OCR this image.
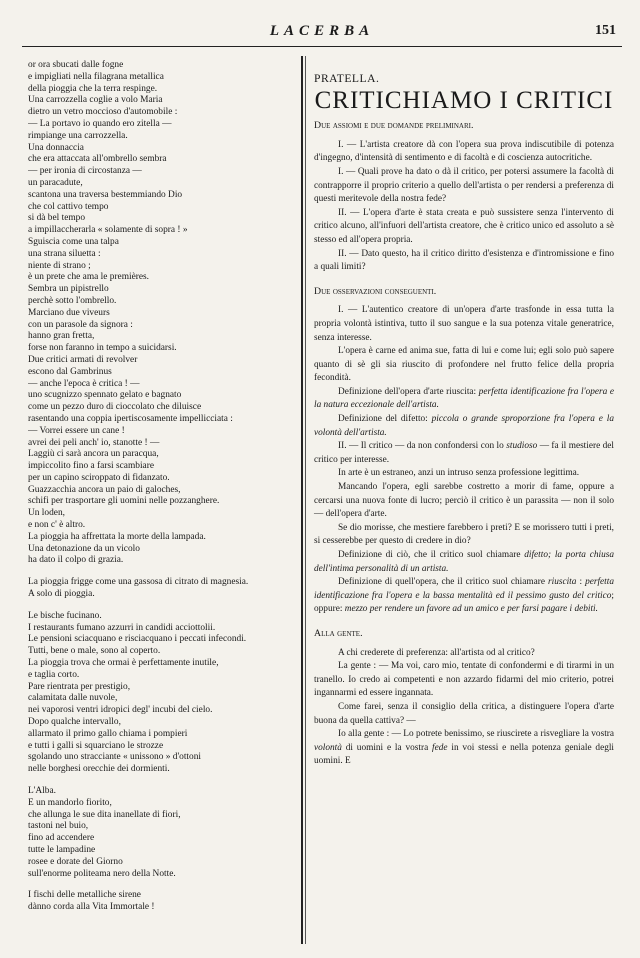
LACERBA	151
or ora sbucati dalle fogne
e impigliati nella filagrana metallica
della pioggia che la terra respinge.
Una carrozzella coglie a volo Maria
dietro un vetro moccioso d'automobile :
— La portavo io quando ero zitella —
rimpiange una carrozzella.
Una donnaccia
che era attaccata all'ombrello sembra
— per ironia di circostanza —
un paracadute,
scantona una traversa bestemmiando Dio
che col cattivo tempo
si dà bel tempo
a impillaccherarla « solamente di sopra ! »
Sguiscia come una talpa
una strana siluetta :
niente di strano ;
è un prete che ama le premières.
Sembra un pipistrello
perchè sotto l'ombrello.
Marciano due viveurs
con un parasole da signora :
hanno gran fretta,
forse non faranno in tempo a suicidarsi.
Due critici armati di revolver
escono dal Gambrinus
— anche l'epoca è critica ! —
uno scugnizzo spennato gelato e bagnato
come un pezzo duro di cioccolato che diluisce
rasentando una coppia ipertiscosamente impellicciata :
— Vorrei essere un cane !
avrei dei peli anch' io, stanotte ! —
Laggiù ci sarà ancora un paracqua,
impiccolito fino a farsi scambiare
per un capino sciroppato di fidanzato.
Guazzacchia ancora un paio di galoches,
schifi per trasportare gli uomini nelle pozzanghere.
Un loden,
e non c' è altro.
La pioggia ha affrettata la morte della lampada.
Una detonazione da un vicolo
ha dato il colpo di grazia.
La pioggia frigge come una gassosa di citrato di magnesia.
A solo di pioggia.
Le bische fucinano.
I restaurants fumano azzurri in candidi acciottolii.
Le pensioni sciacquano e risciacquano i peccati infecondi.
Tutti, bene o male, sono al coperto.
La pioggia trova che ormai è perfettamente inutile,
e taglia corto.
Pare rientrata per prestigio,
calamitata dalle nuvole,
nei vaporosi ventri idropici degl' incubi del cielo.
Dopo qualche intervallo,
allarmato il primo gallo chiama i pompieri
e tutti i galli si squarciano le strozze
sgolando uno stracciante « unissono » d'ottoni
nelle borghesi orecchie dei dormienti.
L'Alba.
È un mandorlo fiorito,
che allunga le sue dita inanellate di fiori,
tastoni nel buio,
fino ad accendere
tutte le lampadine
rosee e dorate del Giorno
sull'enorme politeama nero della Notte.
I fischi delle metalliche sirene
dànno corda alla Vita Immortale !
PRATELLA.
CRITICHIAMO I CRITICI
Due assiomi e due domande preliminari.

I. — L'artista creatore dà con l'opera sua prova indiscutibile di potenza d'ingegno, d'intensità di sentimento e di facoltà e di coscienza autocritiche.

I. — Quali prove ha dato o dà il critico, per potersi assumere la facoltà di contrapporre il proprio criterio a quello dell'artista o per rendersi a preferenza di questi meritevole della nostra fede?

II. — L'opera d'arte è stata creata e può sussistere senza l'intervento di critico alcuno, all'infuori dell'artista creatore, che è critico unico ed assoluto a sè stesso ed all'opera propria.

II. — Dato questo, ha il critico diritto d'esistenza e d'intromissione e fino a quali limiti?

Due osservazioni conseguenti.

I. — L'autentico creatore di un'opera d'arte trasfonde in essa tutta la propria volontà istintiva, tutto il suo sangue e la sua potenza vitale generatrice, senza interesse.

L'opera è carne ed anima sue, fatta di lui e come lui; egli solo può sapere quanto di sè gli sia riuscito di profondere nel frutto felice della propria fecondità.

Definizione dell'opera d'arte riuscita: perfetta identificazione fra l'opera e la natura eccezionale dell'artista.

Definizione del difetto: piccola o grande sproporzione fra l'opera e la volontà dell'artista.

II. — Il critico — da non confondersi con lo studioso — fa il mestiere del critico per interesse.

In arte è un estraneo, anzi un intruso senza professione legittima.

Mancando l'opera, egli sarebbe costretto a morir di fame, oppure a cercarsi una nuova fonte di lucro; perciò il critico è un parassita — non il solo — dell'opera d'arte.

Se dio morisse, che mestiere farebbero i preti? E se morissero tutti i preti, si cesserebbe per questo di credere in dio?

Definizione di ciò, che il critico suol chiamare difetto; la porta chiusa dell'intima personalità di un artista.

Definizione di quell'opera, che il critico suol chiamare riuscita : perfetta identificazione fra l'opera e la bassa mentalità ed il pessimo gusto del critico; oppure: mezzo per rendere un favore ad un amico e per farsi pagare i debiti.

Alla gente.

A chi crederete di preferenza: all'artista od al critico?

La gente : — Ma voi, caro mio, tentate di confondermi e di tirarmi in un tranello. Io credo ai competenti e non azzardo fidarmi del mio criterio, potrei ingannarmi ed essere ingannata.

Come farei, senza il consiglio della critica, a distinguere l'opera d'arte buona da quella cattiva? —

Io alla gente : — Lo potrete benissimo, se riuscirete a risvegliare la vostra volontà di uomini e la vostra fede in voi stessi e nella potenza geniale degli uomini. E
